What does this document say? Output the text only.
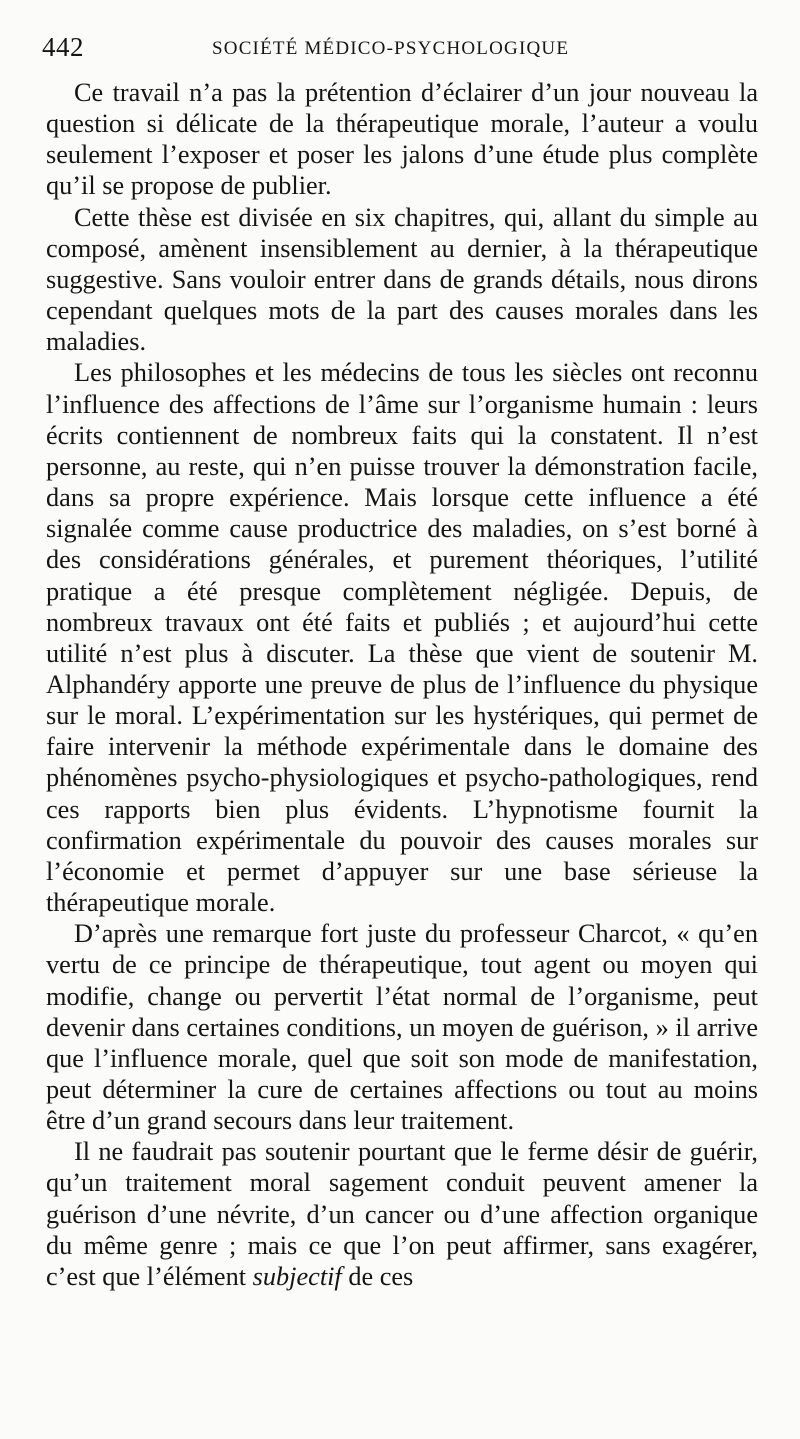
442	SOCIÉTÉ MÉDICO-PSYCHOLOGIQUE

Ce travail n’a pas la prétention d’éclairer d’un jour nouveau la question si délicate de la thérapeutique morale, l’auteur a voulu seulement l’exposer et poser les jalons d’une étude plus complète qu’il se propose de publier.

Cette thèse est divisée en six chapitres, qui, allant du simple au composé, amènent insensiblement au dernier, à la thérapeutique suggestive. Sans vouloir entrer dans de grands détails, nous dirons cependant quelques mots de la part des causes morales dans les maladies.

Les philosophes et les médecins de tous les siècles ont reconnu l’influence des affections de l’âme sur l’organisme humain : leurs écrits contiennent de nombreux faits qui la constatent. Il n’est personne, au reste, qui n’en puisse trouver la démonstration facile, dans sa propre expérience. Mais lorsque cette influence a été signalée comme cause productrice des maladies, on s’est borné à des considérations générales, et purement théoriques, l’utilité pratique a été presque complètement négligée. Depuis, de nombreux travaux ont été faits et publiés ; et aujourd’hui cette utilité n’est plus à discuter. La thèse que vient de soutenir M. Alphandéry apporte une preuve de plus de l’influence du physique sur le moral. L’expérimentation sur les hystériques, qui permet de faire intervenir la méthode expérimentale dans le domaine des phénomènes psycho-physiologiques et psycho-pathologiques, rend ces rapports bien plus évidents. L’hypnotisme fournit la confirmation expérimentale du pouvoir des causes morales sur l’économie et permet d’appuyer sur une base sérieuse la thérapeutique morale.

D’après une remarque fort juste du professeur Charcot, « qu’en vertu de ce principe de thérapeutique, tout agent ou moyen qui modifie, change ou pervertit l’état normal de l’organisme, peut devenir dans certaines conditions, un moyen de guérison, » il arrive que l’influence morale, quel que soit son mode de manifestation, peut déterminer la cure de certaines affections ou tout au moins être d’un grand secours dans leur traitement.

Il ne faudrait pas soutenir pourtant que le ferme désir de guérir, qu’un traitement moral sagement conduit peuvent amener la guérison d’une névrite, d’un cancer ou d’une affection organique du même genre ; mais ce que l’on peut affirmer, sans exagérer, c’est que l’élément subjectif de ces
